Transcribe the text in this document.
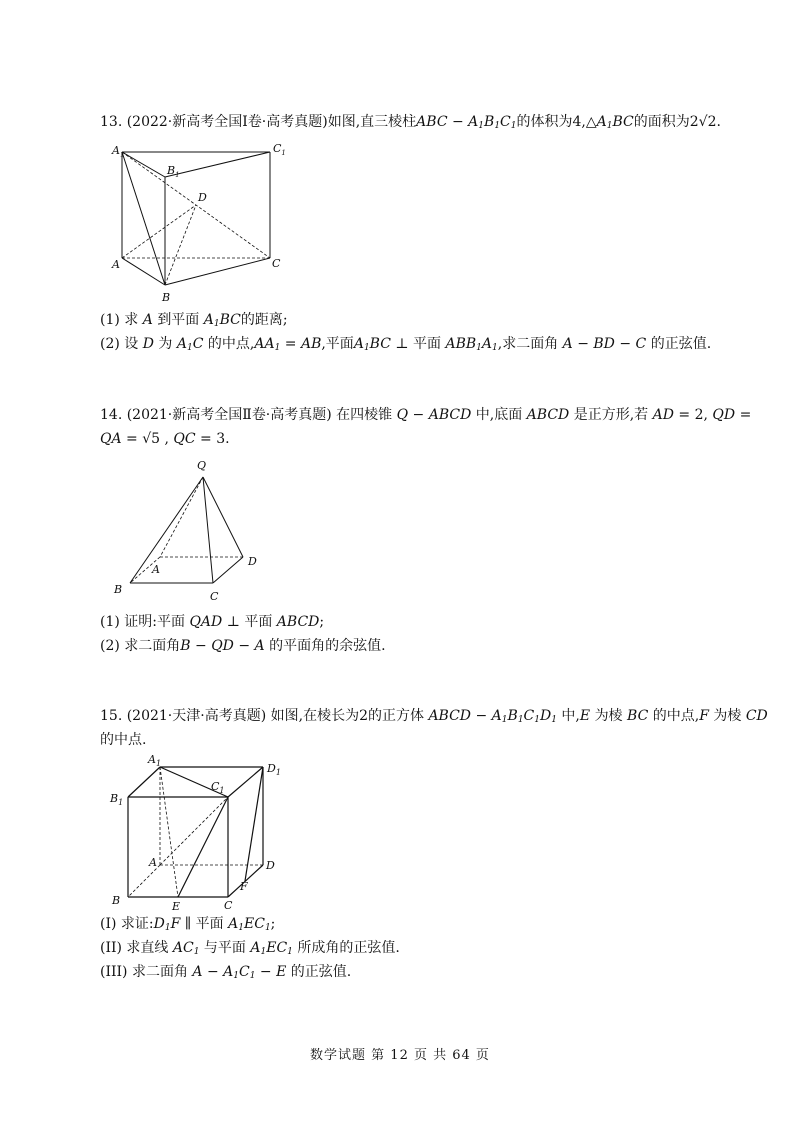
13. (2022·新高考全国Ⅰ卷·高考真题)如图,直三棱柱ABC − $A_1B_1C_1$的体积为$4,\triangle A_1BC$的面积为2√2.
$A_1$
$B_1$
$C_1$
D
A
B
C
(1) 求 A 到平面 $A_1BC$的距离;
(2) 设 D 为 $A_1C$ 的中点$,AA_1$ = AB,平面$A_1BC$ ⊥ 平面 $ABB_1A_1$,求二面角 A − BD − C 的正弦值.
14. (2021·新高考全国Ⅱ卷·高考真题) 在四棱锥 Q − ABCD 中,底面 ABCD 是正方形,若 AD = 2, QD =
QA = √5 , QC = 3.
Q
A
B
C
D
(1) 证明:平面 QAD ⊥ 平面 ABCD;
(2) 求二面角B − QD − A 的平面角的余弦值.
15. (2021·天津·高考真题) 如图,在棱长为2的正方体 ABCD − $A_1B_1C_1D_1$ 中,E 为棱 BC 的中点,F 为棱 CD
的中点.
$A_1$
$B_1$
$C_1$
$D_1$
A
B	C
D
E
F
(I) 求证$:D_1F$ ∥ 平面 $A_1EC_1$;
(II) 求直线 $AC_1$ 与平面 $A_1EC_1$ 所成角的正弦值.
(III) 求二面角 $A - A_1C_1 - E$ 的正弦值.
数学试题 第 12 页 共 64 页
